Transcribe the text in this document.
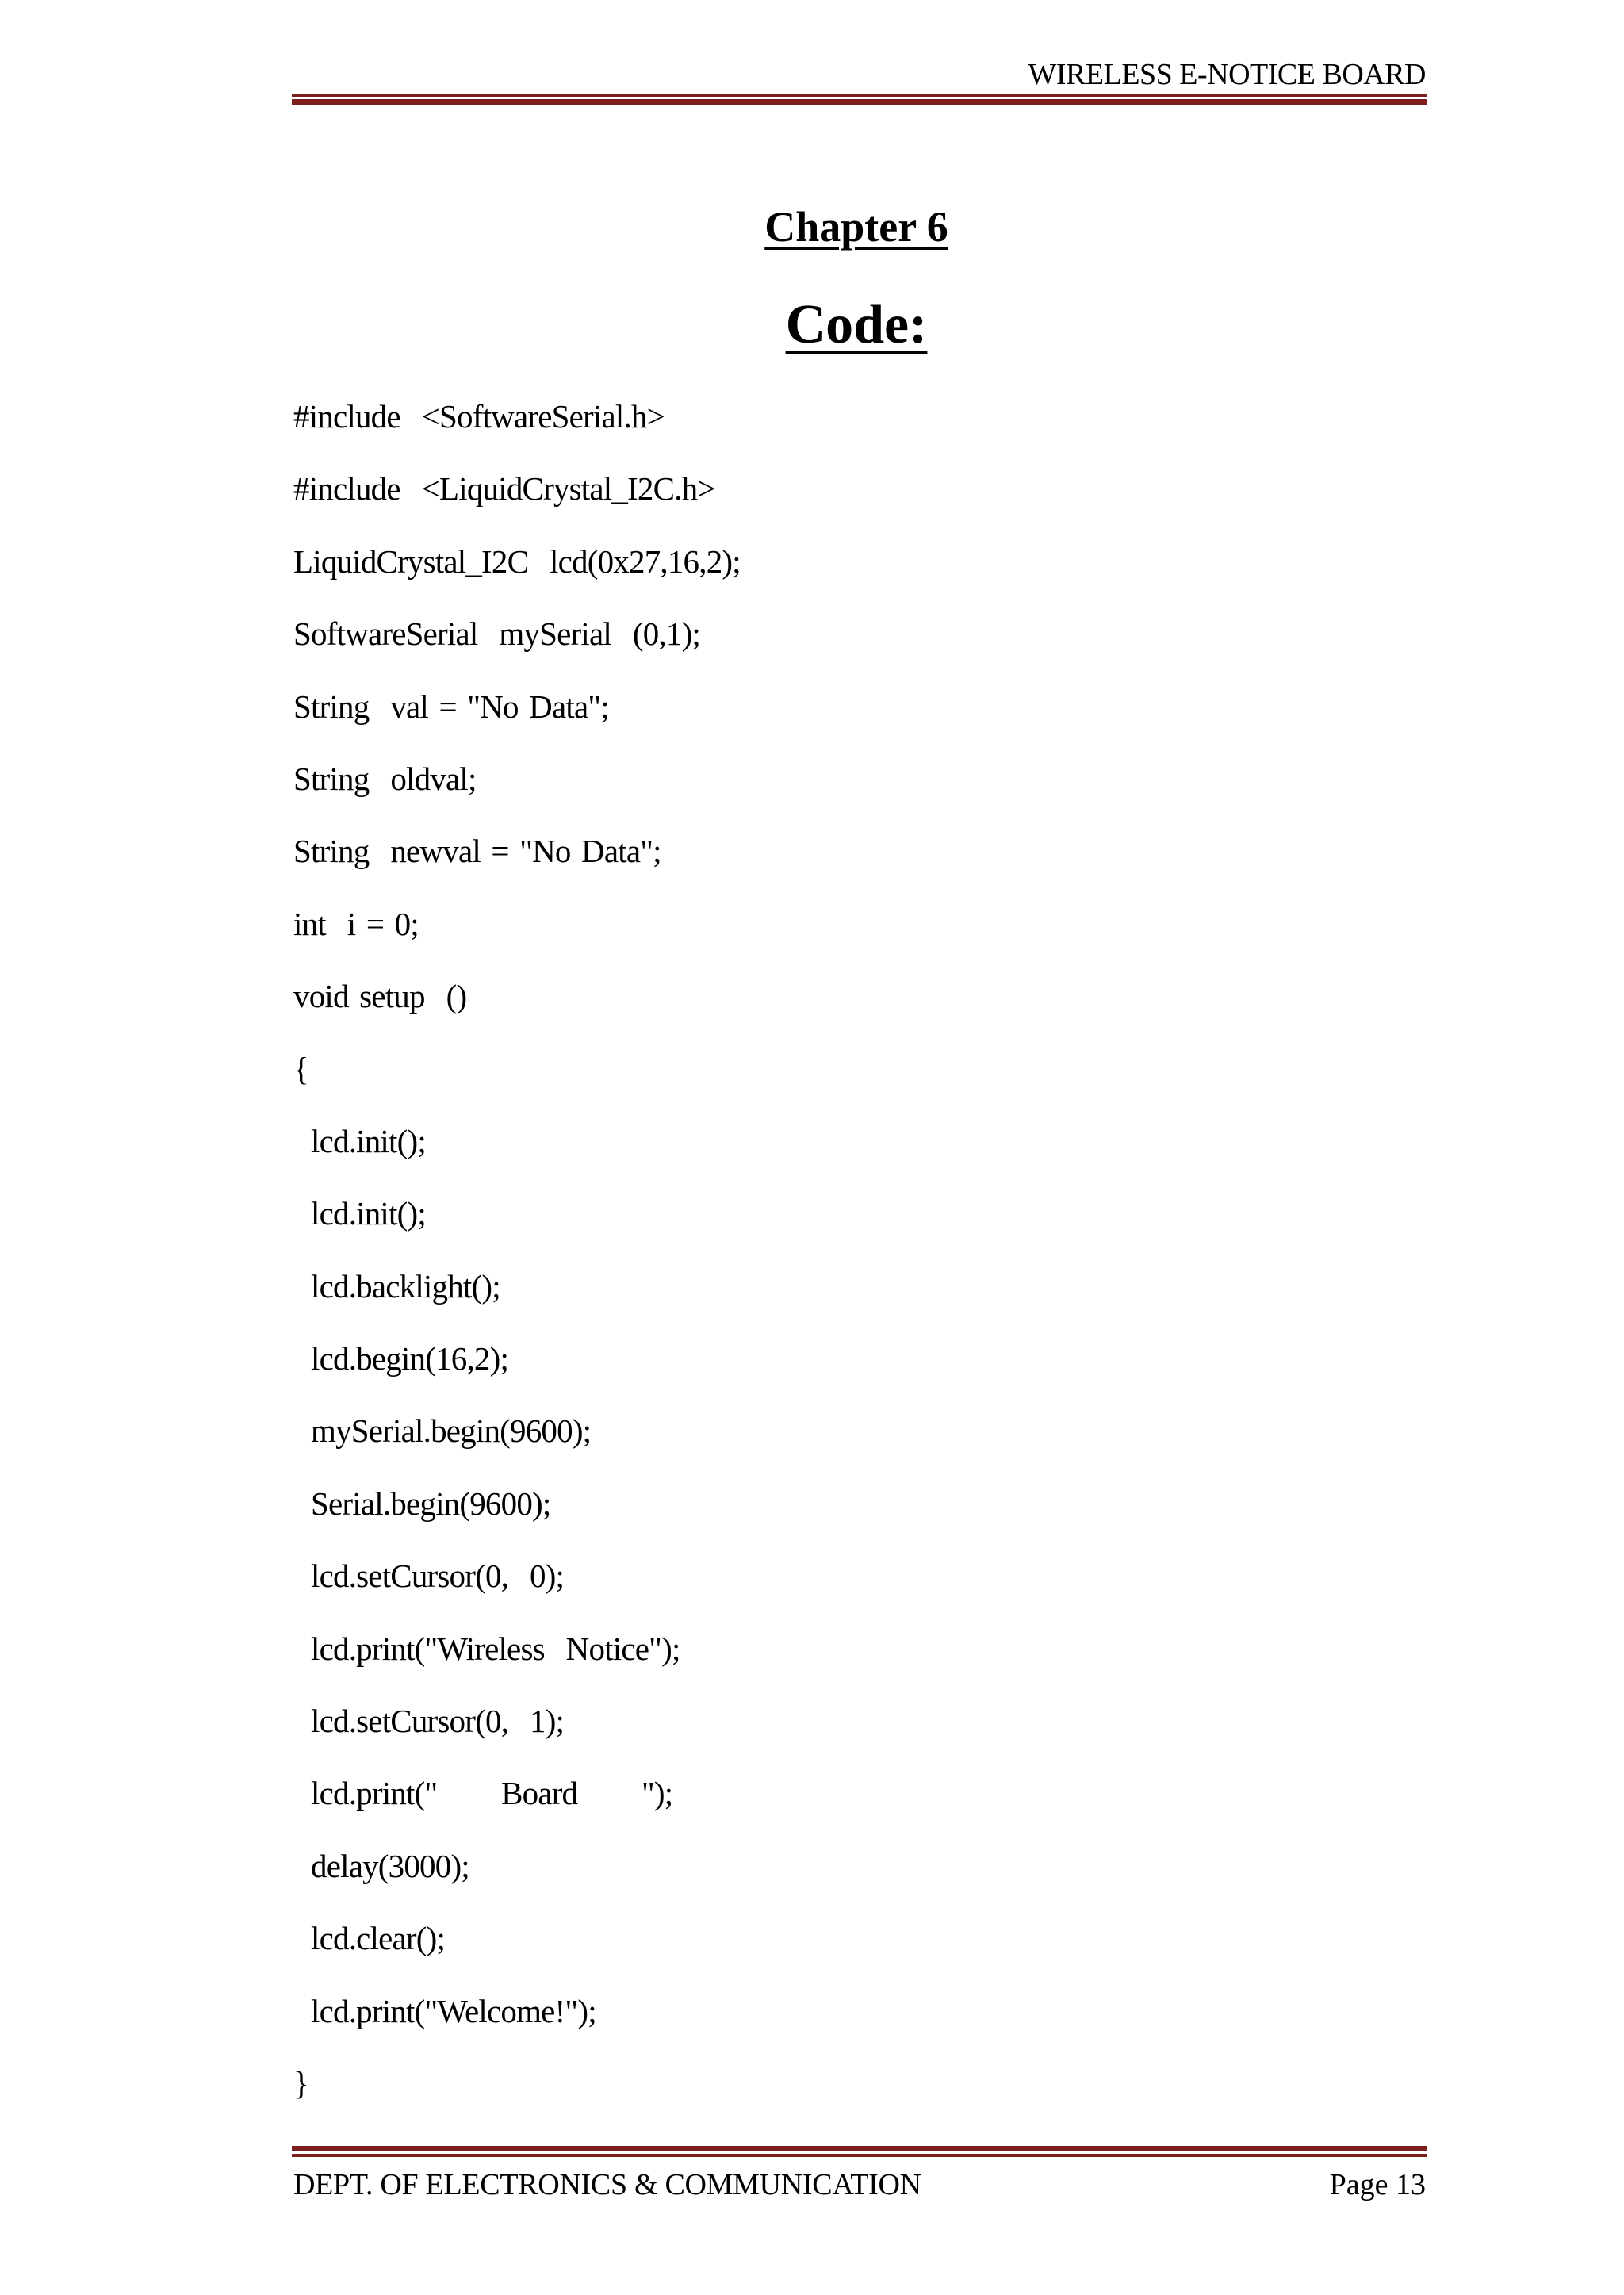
WIRELESS E-NOTICE BOARD
Chapter 6
Code:
#include  <SoftwareSerial.h>
#include  <LiquidCrystal_I2C.h>
LiquidCrystal_I2C  lcd(0x27,16,2);
SoftwareSerial  mySerial  (0,1);
String  val = "No Data";
String  oldval;
String  newval = "No Data";
int  i = 0;
void setup  ()
{
lcd.init();
lcd.init();
lcd.backlight();
lcd.begin(16,2);
mySerial.begin(9600);
Serial.begin(9600);
lcd.setCursor(0,  0);
lcd.print("Wireless  Notice");
lcd.setCursor(0,  1);
lcd.print("      Board      ");
delay(3000);
lcd.clear();
lcd.print("Welcome!");
}
DEPT. OF ELECTRONICS & COMMUNICATION	Page 13
